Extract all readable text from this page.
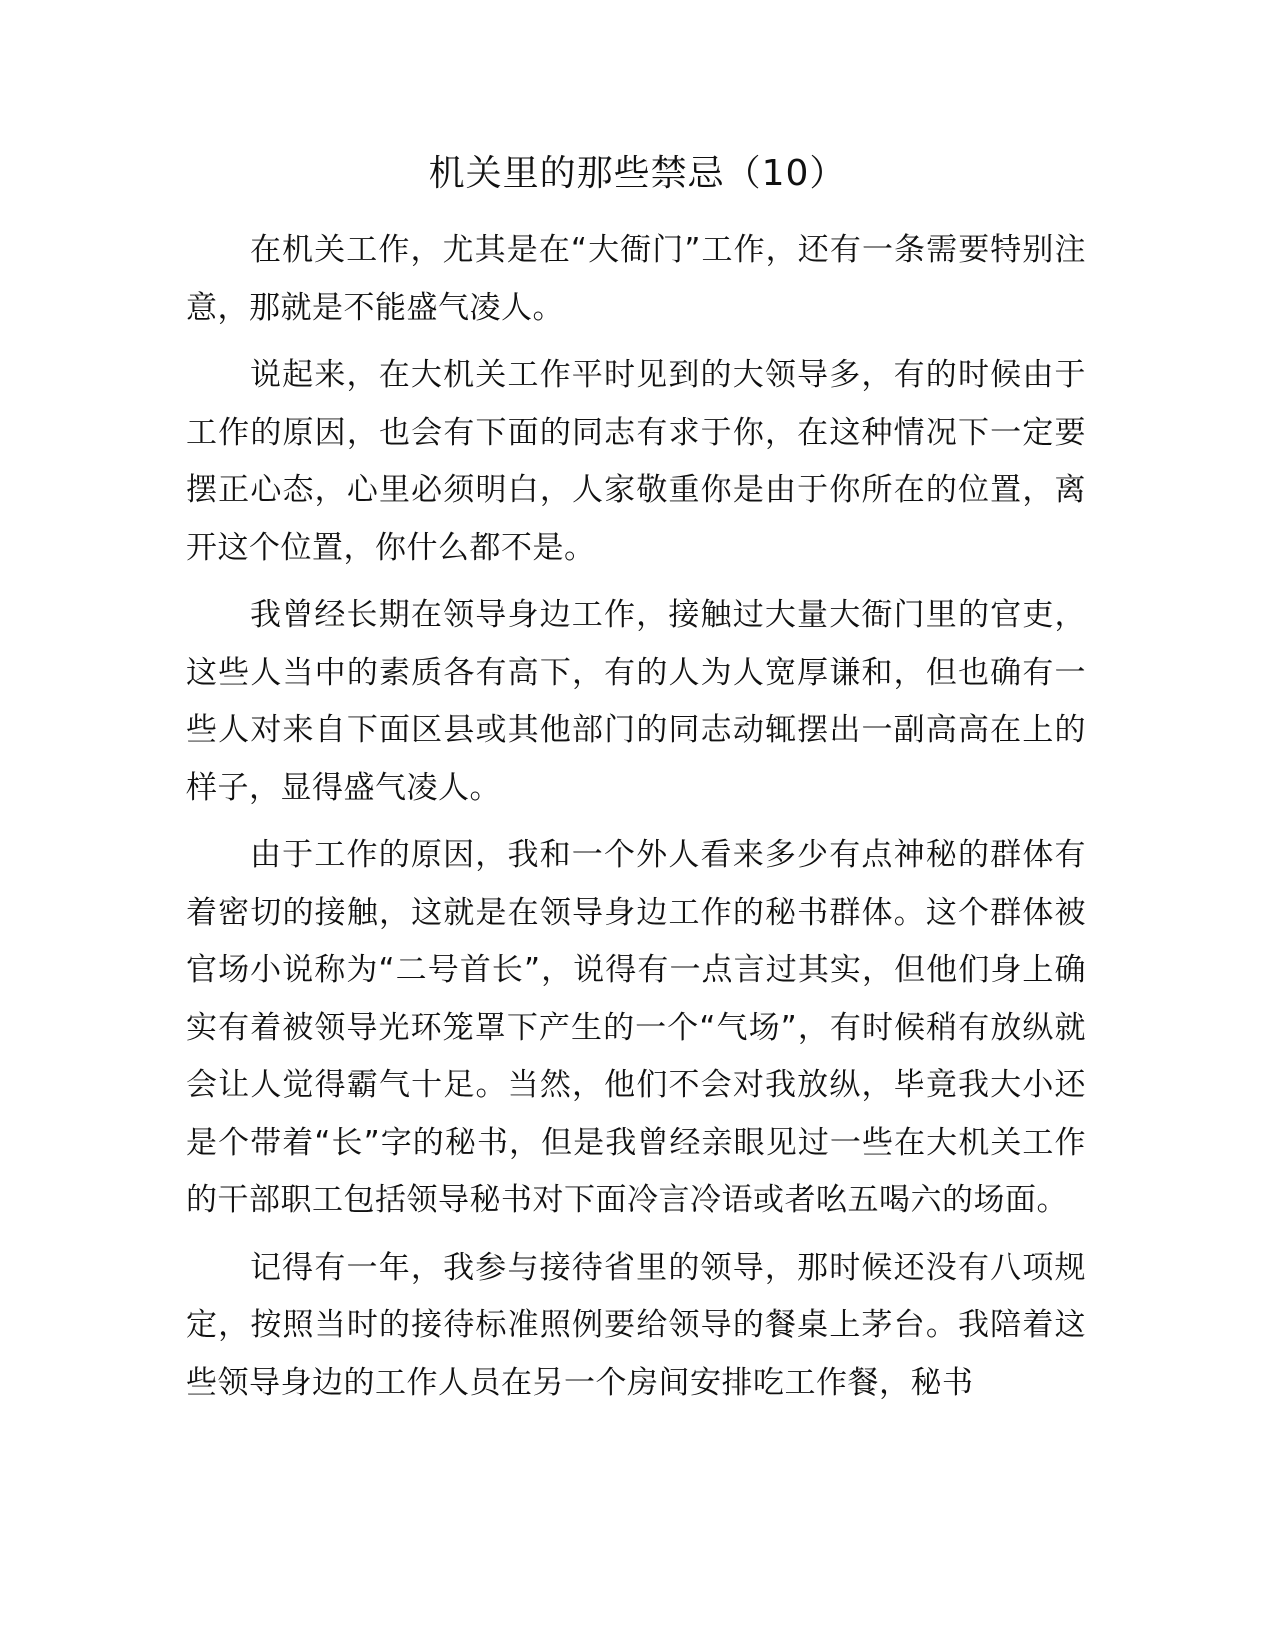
机关里的那些禁忌（10）

在机关工作，尤其是在“大衙门”工作，还有一条需要特别注意，那就是不能盛气凌人。

说起来，在大机关工作平时见到的大领导多，有的时候由于工作的原因，也会有下面的同志有求于你，在这种情况下一定要摆正心态，心里必须明白，人家敬重你是由于你所在的位置，离开这个位置，你什么都不是。

我曾经长期在领导身边工作，接触过大量大衙门里的官吏，这些人当中的素质各有高下，有的人为人宽厚谦和，但也确有一些人对来自下面区县或其他部门的同志动辄摆出一副高高在上的样子，显得盛气凌人。

由于工作的原因，我和一个外人看来多少有点神秘的群体有着密切的接触，这就是在领导身边工作的秘书群体。这个群体被官场小说称为“二号首长”，说得有一点言过其实，但他们身上确实有着被领导光环笼罩下产生的一个“气场”，有时候稍有放纵就会让人觉得霸气十足。当然，他们不会对我放纵，毕竟我大小还是个带着“长”字的秘书，但是我曾经亲眼见过一些在大机关工作的干部职工包括领导秘书对下面冷言冷语或者吆五喝六的场面。

记得有一年，我参与接待省里的领导，那时候还没有八项规定，按照当时的接待标准照例要给领导的餐桌上茅台。我陪着这些领导身边的工作人员在另一个房间安排吃工作餐，秘书
